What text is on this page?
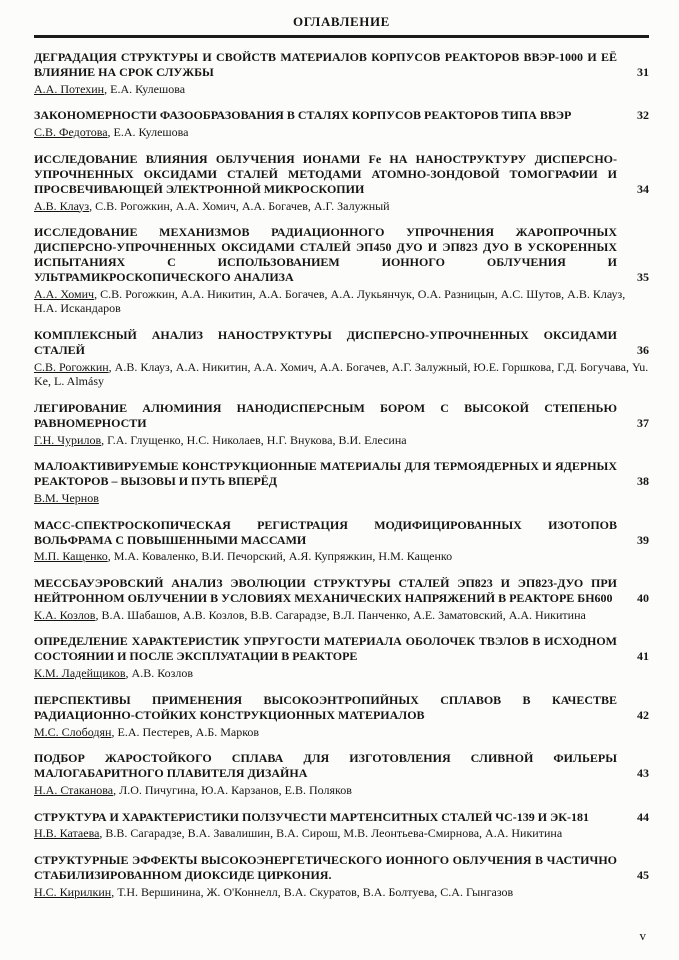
ОГЛАВЛЕНИЕ
ДЕГРАДАЦИЯ СТРУКТУРЫ И СВОЙСТВ МАТЕРИАЛОВ КОРПУСОВ РЕАКТОРОВ ВВЭР-1000 И ЕЁ ВЛИЯНИЕ НА СРОК СЛУЖБЫ	31
А.А. Потехин, Е.А. Кулешова
ЗАКОНОМЕРНОСТИ ФАЗООБРАЗОВАНИЯ В СТАЛЯХ КОРПУСОВ РЕАКТОРОВ ТИПА ВВЭР	32
С.В. Федотова, Е.А. Кулешова
ИССЛЕДОВАНИЕ ВЛИЯНИЯ ОБЛУЧЕНИЯ ИОНАМИ Fe НА НАНОСТРУКТУРУ ДИСПЕРСНО-УПРОЧНЕННЫХ ОКСИДАМИ СТАЛЕЙ МЕТОДАМИ АТОМНО-ЗОНДОВОЙ ТОМОГРАФИИ И ПРОСВЕЧИВАЮЩЕЙ ЭЛЕКТРОННОЙ МИКРОСКОПИИ	34
А.В. Клауз, С.В. Рогожкин, А.А. Хомич, А.А. Богачев, А.Г. Залужный
ИССЛЕДОВАНИЕ МЕХАНИЗМОВ РАДИАЦИОННОГО УПРОЧНЕНИЯ ЖАРОПРОЧНЫХ ДИСПЕРСНО-УПРОЧНЕННЫХ ОКСИДАМИ СТАЛЕЙ ЭП450 ДУО И ЭП823 ДУО В УСКОРЕННЫХ ИСПЫТАНИЯХ С ИСПОЛЬЗОВАНИЕМ ИОННОГО ОБЛУЧЕНИЯ И УЛЬТРАМИКРОСКОПИЧЕСКОГО АНАЛИЗА	35
А.А. Хомич, С.В. Рогожкин, А.А. Никитин, А.А. Богачев, А.А. Лукьянчук, О.А. Разницын, А.С. Шутов, А.В. Клауз, Н.А. Искандаров
КОМПЛЕКСНЫЙ АНАЛИЗ НАНОСТРУКТУРЫ ДИСПЕРСНО-УПРОЧНЕННЫХ ОКСИДАМИ СТАЛЕЙ	36
С.В. Рогожкин, А.В. Клауз, А.А. Никитин, А.А. Хомич, А.А. Богачев, А.Г. Залужный, Ю.Е. Горшкова, Г.Д. Богучава, Yu. Ke, L. Almásy
ЛЕГИРОВАНИЕ АЛЮМИНИЯ НАНОДИСПЕРСНЫМ БОРОМ С ВЫСОКОЙ СТЕПЕНЬЮ РАВНОМЕРНОСТИ	37
Г.Н. Чурилов, Г.А. Глущенко, Н.С. Николаев, Н.Г. Внукова, В.И. Елесина
МАЛОАКТИВИРУЕМЫЕ КОНСТРУКЦИОННЫЕ МАТЕРИАЛЫ ДЛЯ ТЕРМОЯДЕРНЫХ И ЯДЕРНЫХ РЕАКТОРОВ – ВЫЗОВЫ И ПУТЬ ВПЕРЁД	38
В.М. Чернов
МАСС-СПЕКТРОСКОПИЧЕСКАЯ РЕГИСТРАЦИЯ МОДИФИЦИРОВАННЫХ ИЗОТОПОВ ВОЛЬФРАМА С ПОВЫШЕННЫМИ МАССАМИ	39
М.П. Кащенко, М.А. Коваленко, В.И. Печорский, А.Я. Купряжкин, Н.М. Кащенко
МЕССБАУЭРОВСКИЙ АНАЛИЗ ЭВОЛЮЦИИ СТРУКТУРЫ СТАЛЕЙ ЭП823 И ЭП823-ДУО ПРИ НЕЙТРОННОМ ОБЛУЧЕНИИ В УСЛОВИЯХ МЕХАНИЧЕСКИХ НАПРЯЖЕНИЙ В РЕАКТОРЕ БН600	40
К.А. Козлов, В.А. Шабашов, А.В. Козлов, В.В. Сагарадзе, В.Л. Панченко, А.Е. Заматовский, А.А. Никитина
ОПРЕДЕЛЕНИЕ ХАРАКТЕРИСТИК УПРУГОСТИ МАТЕРИАЛА ОБОЛОЧЕК ТВЭЛОВ В ИСХОДНОМ СОСТОЯНИИ И ПОСЛЕ ЭКСПЛУАТАЦИИ В РЕАКТОРЕ	41
К.М. Ладейщиков, А.В. Козлов
ПЕРСПЕКТИВЫ ПРИМЕНЕНИЯ ВЫСОКОЭНТРОПИЙНЫХ СПЛАВОВ В КАЧЕСТВЕ РАДИАЦИОННО-СТОЙКИХ КОНСТРУКЦИОННЫХ МАТЕРИАЛОВ	42
М.С. Слободян, Е.А. Пестерев, А.Б. Марков
ПОДБОР ЖАРОСТОЙКОГО СПЛАВА ДЛЯ ИЗГОТОВЛЕНИЯ СЛИВНОЙ ФИЛЬЕРЫ МАЛОГАБАРИТНОГО ПЛАВИТЕЛЯ ДИЗАЙНА	43
Н.А. Стаканова, Л.О. Пичугина, Ю.А. Карзанов, Е.В. Поляков
СТРУКТУРА И ХАРАКТЕРИСТИКИ ПОЛЗУЧЕСТИ МАРТЕНСИТНЫХ СТАЛЕЙ ЧС-139 И ЭК-181	44
Н.В. Катаева, В.В. Сагарадзе, В.А. Завалишин, В.А. Сирош, М.В. Леонтьева-Смирнова, А.А. Никитина
СТРУКТУРНЫЕ ЭФФЕКТЫ ВЫСОКОЭНЕРГЕТИЧЕСКОГО ИОННОГО ОБЛУЧЕНИЯ В ЧАСТИЧНО СТАБИЛИЗИРОВАННОМ ДИОКСИДЕ ЦИРКОНИЯ.	45
Н.С. Кирилкин, Т.Н. Вершинина, Ж. О'Коннелл, В.А. Скуратов, В.А. Болтуева, С.А. Гынгазов
v
